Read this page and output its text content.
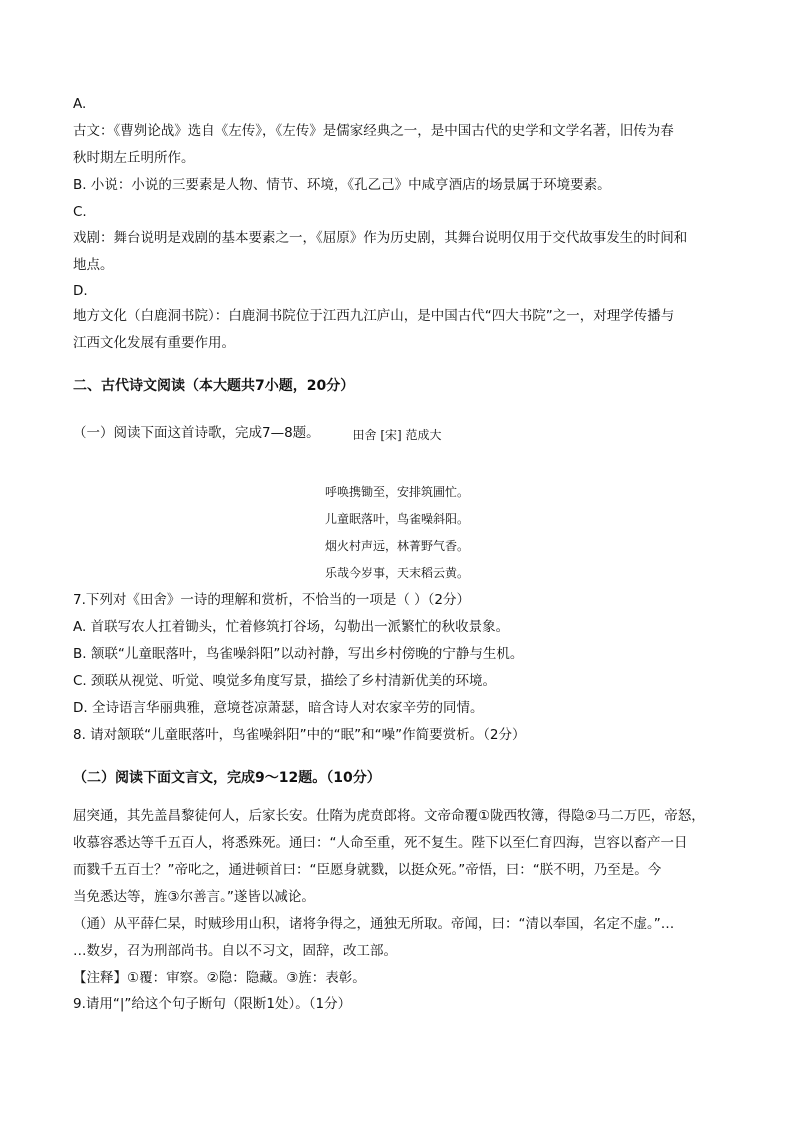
A.
古文：《曹刿论战》选自《左传》，《左传》是儒家经典之一，是中国古代的史学和文学名著，旧传为春
秋时期左丘明所作。
B. 小说：小说的三要素是人物、情节、环境，《孔乙己》中咸亨酒店的场景属于环境要素。
C.
戏剧：舞台说明是戏剧的基本要素之一，《屈原》作为历史剧，其舞台说明仅用于交代故事发生的时间和
地点。
D.
地方文化（白鹿洞书院）：白鹿洞书院位于江西九江庐山，是中国古代“四大书院”之一，对理学传播与
江西文化发展有重要作用。
二、古代诗文阅读（本大题共7小题，20分）
（一）阅读下面这首诗歌，完成7—8题。	田舍 [宋] 范成大
呼唤携锄至，安排筑圃忙。
儿童眠落叶，鸟雀噪斜阳。
烟火村声远，林菁野气香。
乐哉今岁事，天末稻云黄。
7.下列对《田舍》一诗的理解和赏析，不恰当的一项是（ ）（2分）
A. 首联写农人扛着锄头，忙着修筑打谷场，勾勒出一派繁忙的秋收景象。
B. 颔联“儿童眠落叶，鸟雀噪斜阳”以动衬静，写出乡村傍晚的宁静与生机。
C. 颈联从视觉、听觉、嗅觉多角度写景，描绘了乡村清新优美的环境。
D. 全诗语言华丽典雅，意境苍凉萧瑟，暗含诗人对农家辛劳的同情。
8. 请对颔联“儿童眠落叶，鸟雀噪斜阳”中的“眠”和“噪”作简要赏析。（2分）
（二）阅读下面文言文，完成9～12题。（10分）
屈突通，其先盖昌黎徒何人，后家长安。仕隋为虎贲郎将。文帝命覆①陇西牧簿，得隐②马二万匹，帝怒，
收慕容悉达等千五百人，将悉殊死。通曰：“人命至重，死不复生。陛下以至仁育四海，岂容以畜产一日
而戮千五百士？”帝叱之，通进顿首曰：“臣愿身就戮，以挺众死。”帝悟，曰：“朕不明，乃至是。今
当免悉达等，旌③尔善言。”遂皆以减论。
（通）从平薛仁杲，时贼珍用山积，诸将争得之，通独无所取。帝闻，曰：“清以奉国，名定不虚。”…
…数岁，召为刑部尚书。自以不习文，固辞，改工部。
【注释】①覆：审察。②隐：隐藏。③旌：表彰。
9.请用“|”给这个句子断句（限断1处）。（1分）
